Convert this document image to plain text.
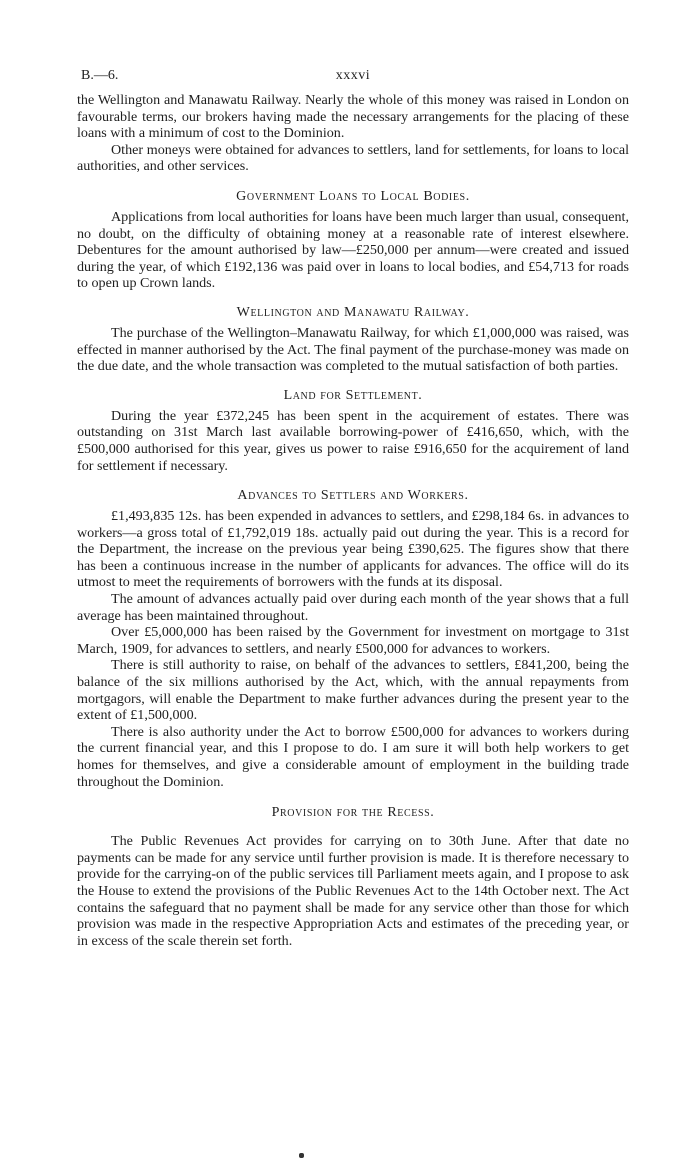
B.—6.	xxxvi

the Wellington and Manawatu Railway. Nearly the whole of this money was raised in London on favourable terms, our brokers having made the necessary arrangements for the placing of these loans with a minimum of cost to the Dominion.

Other moneys were obtained for advances to settlers, land for settlements, for loans to local authorities, and other services.

Government Loans to Local Bodies.

Applications from local authorities for loans have been much larger than usual, consequent, no doubt, on the difficulty of obtaining money at a reasonable rate of interest elsewhere. Debentures for the amount authorised by law—£250,000 per annum—were created and issued during the year, of which £192,136 was paid over in loans to local bodies, and £54,713 for roads to open up Crown lands.

Wellington and Manawatu Railway.

The purchase of the Wellington–Manawatu Railway, for which £1,000,000 was raised, was effected in manner authorised by the Act. The final payment of the purchase-money was made on the due date, and the whole transaction was completed to the mutual satisfaction of both parties.

Land for Settlement.

During the year £372,245 has been spent in the acquirement of estates. There was outstanding on 31st March last available borrowing-power of £416,650, which, with the £500,000 authorised for this year, gives us power to raise £916,650 for the acquirement of land for settlement if necessary.

Advances to Settlers and Workers.

£1,493,835 12s. has been expended in advances to settlers, and £298,184 6s. in advances to workers—a gross total of £1,792,019 18s. actually paid out during the year. This is a record for the Department, the increase on the previous year being £390,625. The figures show that there has been a continuous increase in the number of applicants for advances. The office will do its utmost to meet the requirements of borrowers with the funds at its disposal.

The amount of advances actually paid over during each month of the year shows that a full average has been maintained throughout.

Over £5,000,000 has been raised by the Government for investment on mortgage to 31st March, 1909, for advances to settlers, and nearly £500,000 for advances to workers.

There is still authority to raise, on behalf of the advances to settlers, £841,200, being the balance of the six millions authorised by the Act, which, with the annual repayments from mortgagors, will enable the Department to make further advances during the present year to the extent of £1,500,000.

There is also authority under the Act to borrow £500,000 for advances to workers during the current financial year, and this I propose to do. I am sure it will both help workers to get homes for themselves, and give a considerable amount of employment in the building trade throughout the Dominion.

Provision for the Recess.

The Public Revenues Act provides for carrying on to 30th June. After that date no payments can be made for any service until further provision is made. It is therefore necessary to provide for the carrying-on of the public services till Parliament meets again, and I propose to ask the House to extend the provisions of the Public Revenues Act to the 14th October next. The Act contains the safeguard that no payment shall be made for any service other than those for which provision was made in the respective Appropriation Acts and estimates of the preceding year, or in excess of the scale therein set forth.
